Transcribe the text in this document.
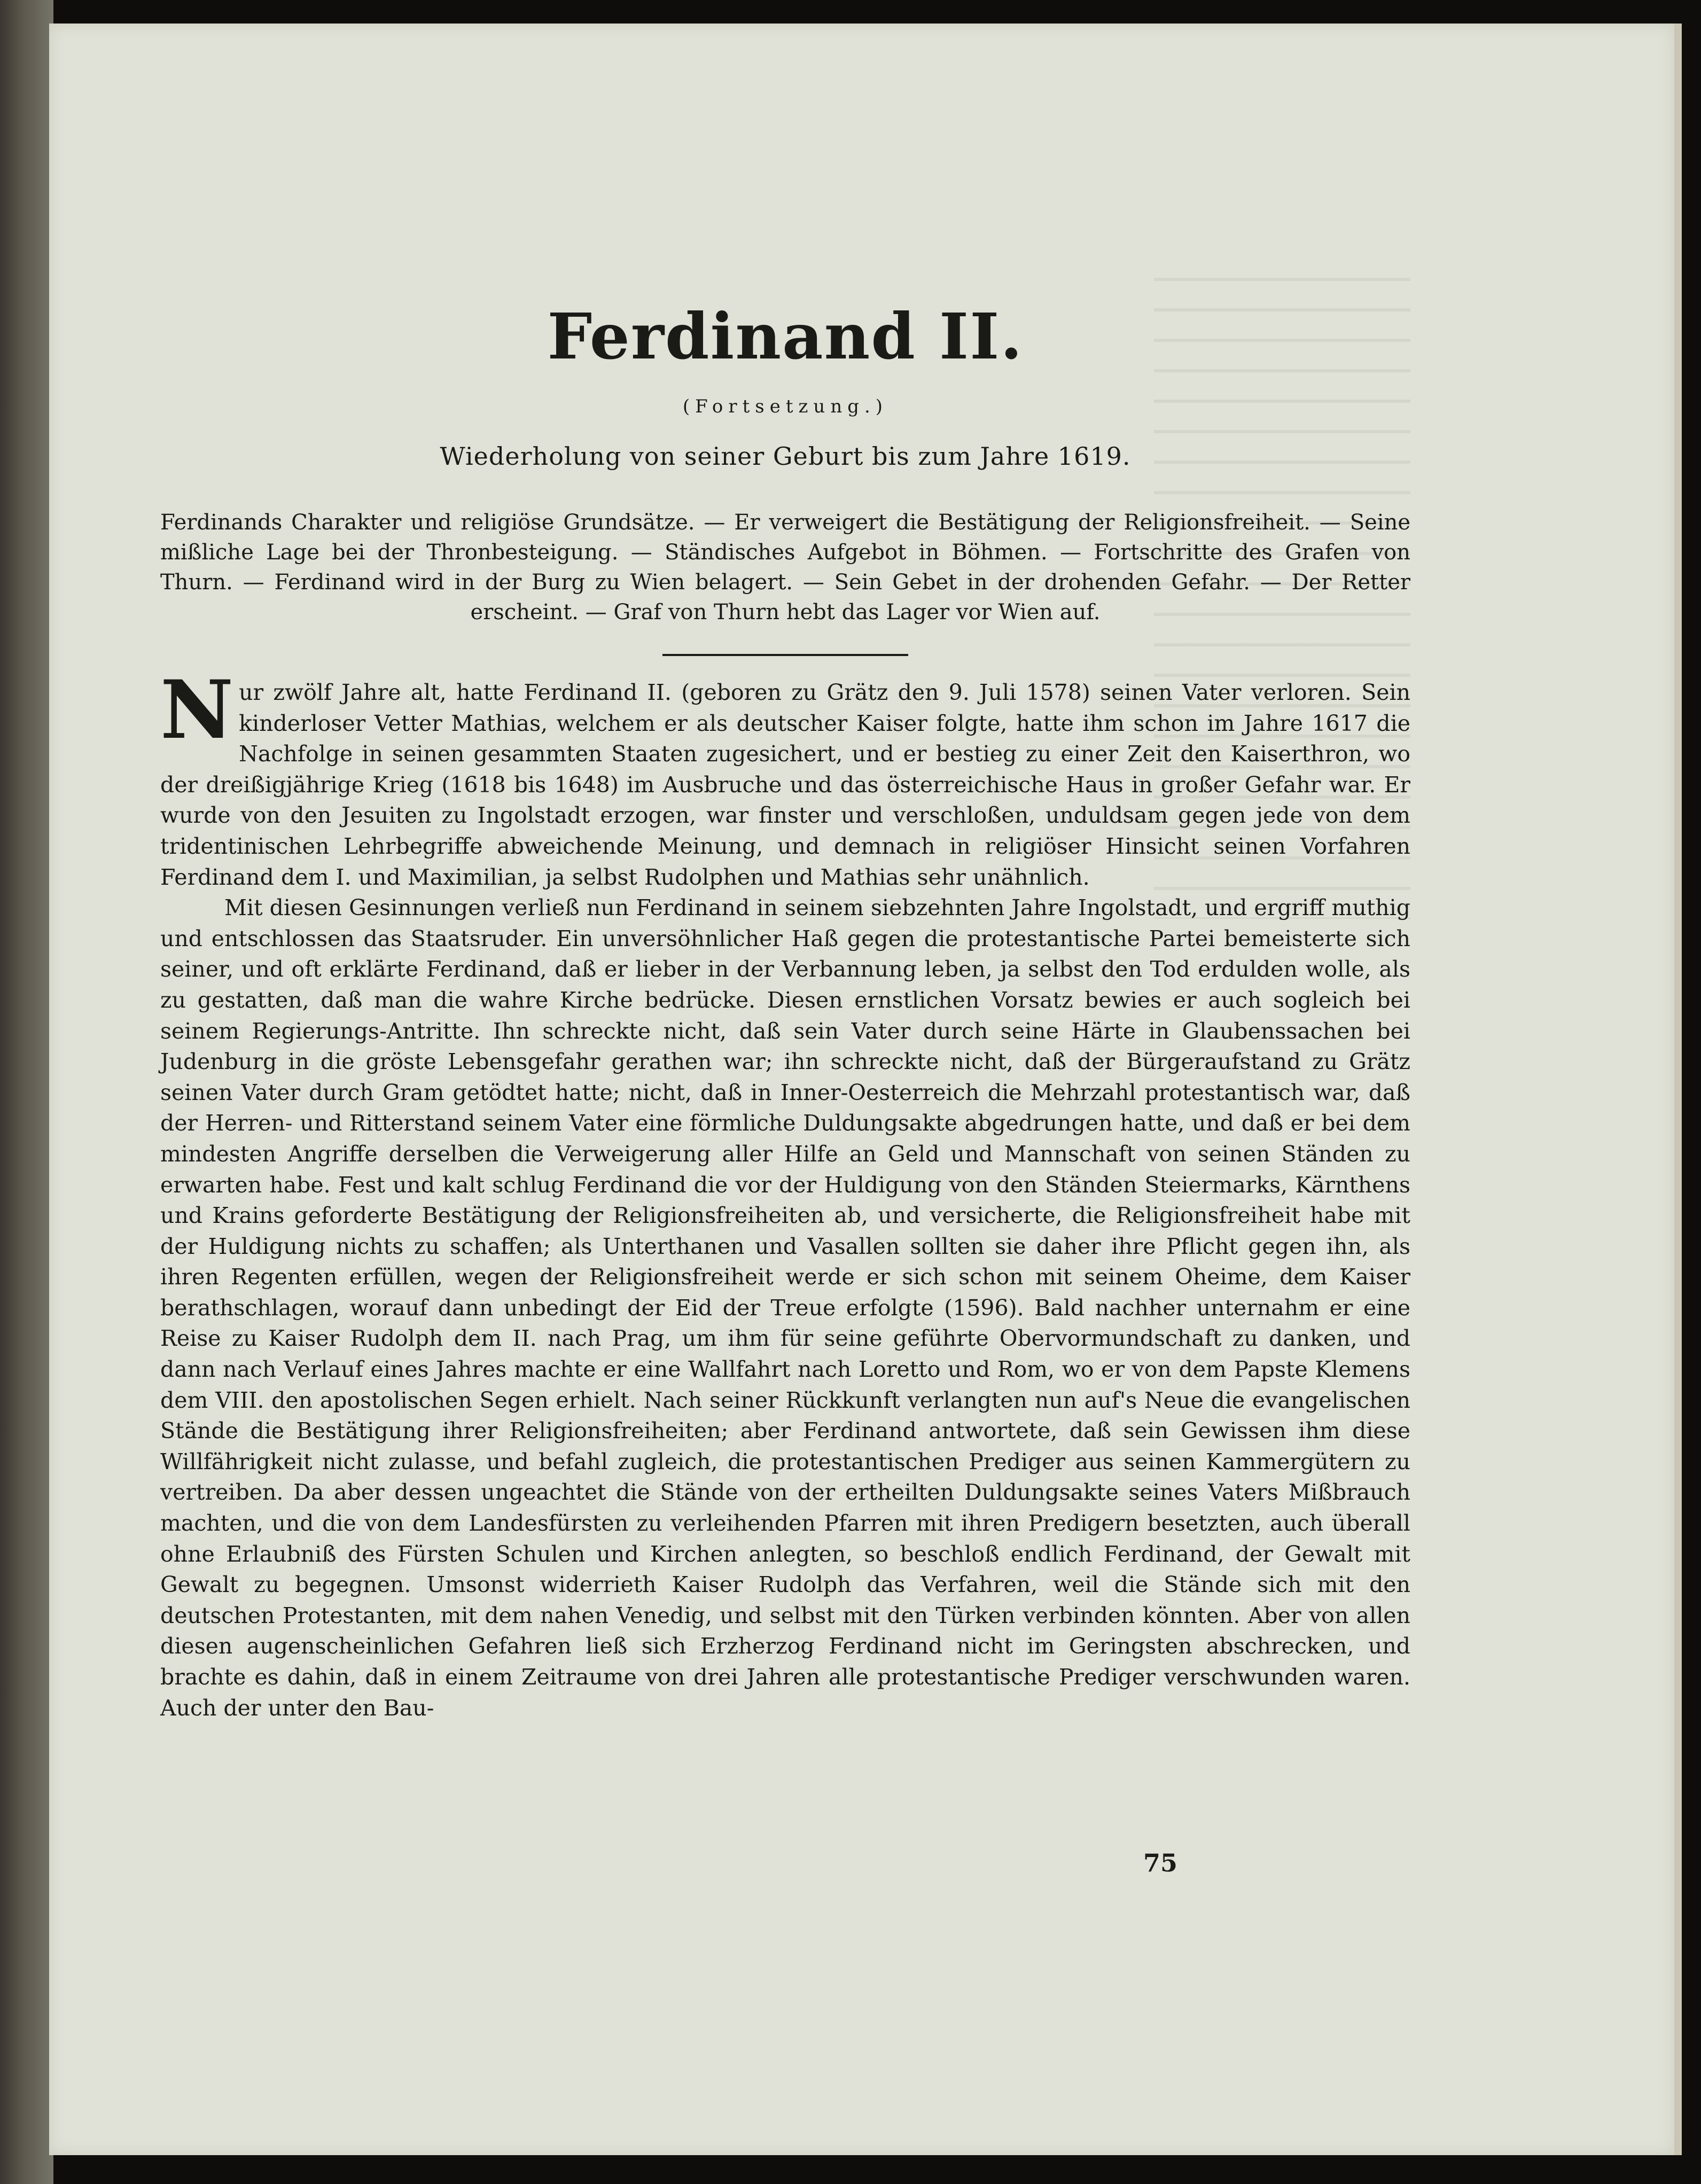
Ferdinand II.
(Fortsetzung.)
Wiederholung von seiner Geburt bis zum Jahre 1619.
Ferdinands Charakter und religiöse Grundsätze. — Er verweigert die Bestätigung der Religionsfreiheit. — Seine mißliche Lage bei der Thronbesteigung. — Ständisches Aufgebot in Böhmen. — Fortschritte des Grafen von Thurn. — Ferdinand wird in der Burg zu Wien belagert. — Sein Gebet in der drohenden Gefahr. — Der Retter erscheint. — Graf von Thurn hebt das Lager vor Wien auf.

Nur zwölf Jahre alt, hatte Ferdinand II. (geboren zu Grätz den 9. Juli 1578) seinen Vater verloren. Sein kinderloser Vetter Mathias, welchem er als deutscher Kaiser folgte, hatte ihm schon im Jahre 1617 die Nachfolge in seinen gesammten Staaten zugesichert, und er bestieg zu einer Zeit den Kaiserthron, wo der dreißigjährige Krieg (1618 bis 1648) im Ausbruche und das österreichische Haus in großer Gefahr war. Er wurde von den Jesuiten zu Ingolstadt erzogen, war finster und verschloßen, unduldsam gegen jede von dem tridentinischen Lehrbegriffe abweichende Meinung, und demnach in religiöser Hinsicht seinen Vorfahren Ferdinand dem I. und Maximilian, ja selbst Rudolphen und Mathias sehr unähnlich.

Mit diesen Gesinnungen verließ nun Ferdinand in seinem siebzehnten Jahre Ingolstadt, und ergriff muthig und entschlossen das Staatsruder. Ein unversöhnlicher Haß gegen die protestantische Partei bemeisterte sich seiner, und oft erklärte Ferdinand, daß er lieber in der Verbannung leben, ja selbst den Tod erdulden wolle, als zu gestatten, daß man die wahre Kirche bedrücke. Diesen ernstlichen Vorsatz bewies er auch sogleich bei seinem Regierungs-Antritte. Ihn schreckte nicht, daß sein Vater durch seine Härte in Glaubenssachen bei Judenburg in die gröste Lebensgefahr gerathen war; ihn schreckte nicht, daß der Bürgeraufstand zu Grätz seinen Vater durch Gram getödtet hatte; nicht, daß in Inner-Oesterreich die Mehrzahl protestantisch war, daß der Herren- und Ritterstand seinem Vater eine förmliche Duldungsakte abgedrungen hatte, und daß er bei dem mindesten Angriffe derselben die Verweigerung aller Hilfe an Geld und Mannschaft von seinen Ständen zu erwarten habe. Fest und kalt schlug Ferdinand die vor der Huldigung von den Ständen Steiermarks, Kärnthens und Krains geforderte Bestätigung der Religionsfreiheiten ab, und versicherte, die Religionsfreiheit habe mit der Huldigung nichts zu schaffen; als Unterthanen und Vasallen sollten sie daher ihre Pflicht gegen ihn, als ihren Regenten erfüllen, wegen der Religionsfreiheit werde er sich schon mit seinem Oheime, dem Kaiser berathschlagen, worauf dann unbedingt der Eid der Treue erfolgte (1596). Bald nachher unternahm er eine Reise zu Kaiser Rudolph dem II. nach Prag, um ihm für seine geführte Obervormundschaft zu danken, und dann nach Verlauf eines Jahres machte er eine Wallfahrt nach Loretto und Rom, wo er von dem Papste Klemens dem VIII. den apostolischen Segen erhielt. Nach seiner Rückkunft verlangten nun auf's Neue die evangelischen Stände die Bestätigung ihrer Religionsfreiheiten; aber Ferdinand antwortete, daß sein Gewissen ihm diese Willfährigkeit nicht zulasse, und befahl zugleich, die protestantischen Prediger aus seinen Kammergütern zu vertreiben. Da aber dessen ungeachtet die Stände von der ertheilten Duldungsakte seines Vaters Mißbrauch machten, und die von dem Landesfürsten zu verleihenden Pfarren mit ihren Predigern besetzten, auch überall ohne Erlaubniß des Fürsten Schulen und Kirchen anlegten, so beschloß endlich Ferdinand, der Gewalt mit Gewalt zu begegnen. Umsonst widerrieth Kaiser Rudolph das Verfahren, weil die Stände sich mit den deutschen Protestanten, mit dem nahen Venedig, und selbst mit den Türken verbinden könnten. Aber von allen diesen augenscheinlichen Gefahren ließ sich Erzherzog Ferdinand nicht im Geringsten abschrecken, und brachte es dahin, daß in einem Zeitraume von drei Jahren alle protestantische Prediger verschwunden waren. Auch der unter den Bau-

75
